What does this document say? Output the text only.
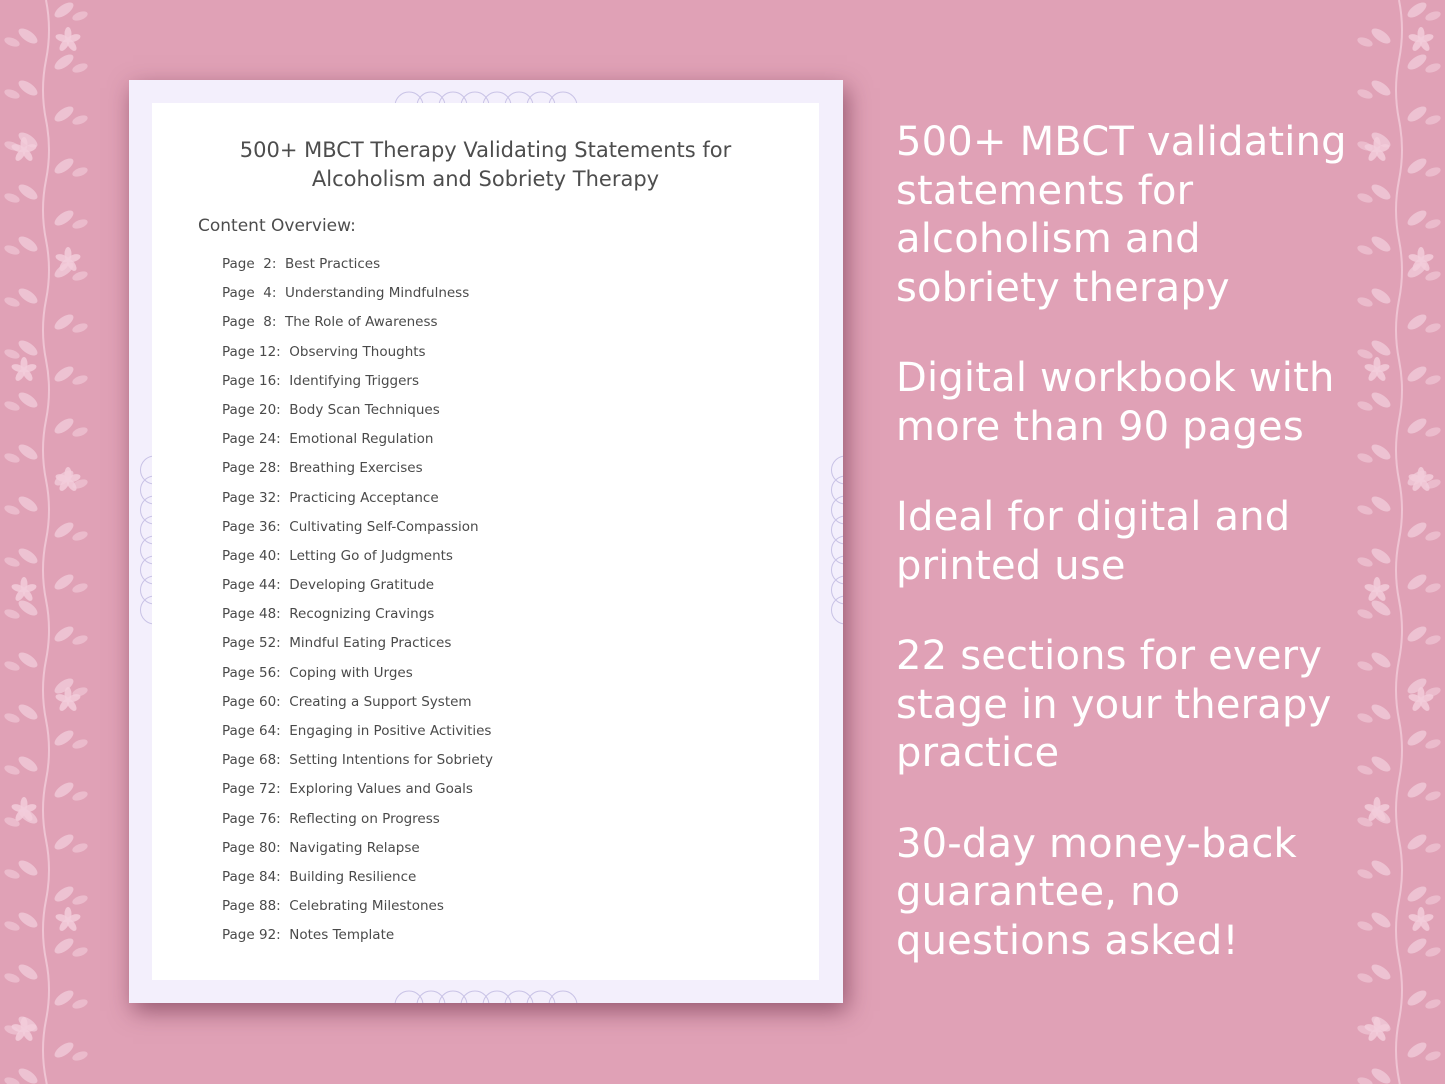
500+ MBCT Therapy Validating Statements for
Alcoholism and Sobriety Therapy
Content Overview:
Page  2:  Best Practices
Page  4:  Understanding Mindfulness
Page  8:  The Role of Awareness
Page 12:  Observing Thoughts
Page 16:  Identifying Triggers
Page 20:  Body Scan Techniques
Page 24:  Emotional Regulation
Page 28:  Breathing Exercises
Page 32:  Practicing Acceptance
Page 36:  Cultivating Self-Compassion
Page 40:  Letting Go of Judgments
Page 44:  Developing Gratitude
Page 48:  Recognizing Cravings
Page 52:  Mindful Eating Practices
Page 56:  Coping with Urges
Page 60:  Creating a Support System
Page 64:  Engaging in Positive Activities
Page 68:  Setting Intentions for Sobriety
Page 72:  Exploring Values and Goals
Page 76:  Reflecting on Progress
Page 80:  Navigating Relapse
Page 84:  Building Resilience
Page 88:  Celebrating Milestones
Page 92:  Notes Template

500+ MBCT validating statements for alcoholism and sobriety therapy

Digital workbook with more than 90 pages

Ideal for digital and printed use

22 sections for every stage in your therapy practice

30-day money-back guarantee, no questions asked!
